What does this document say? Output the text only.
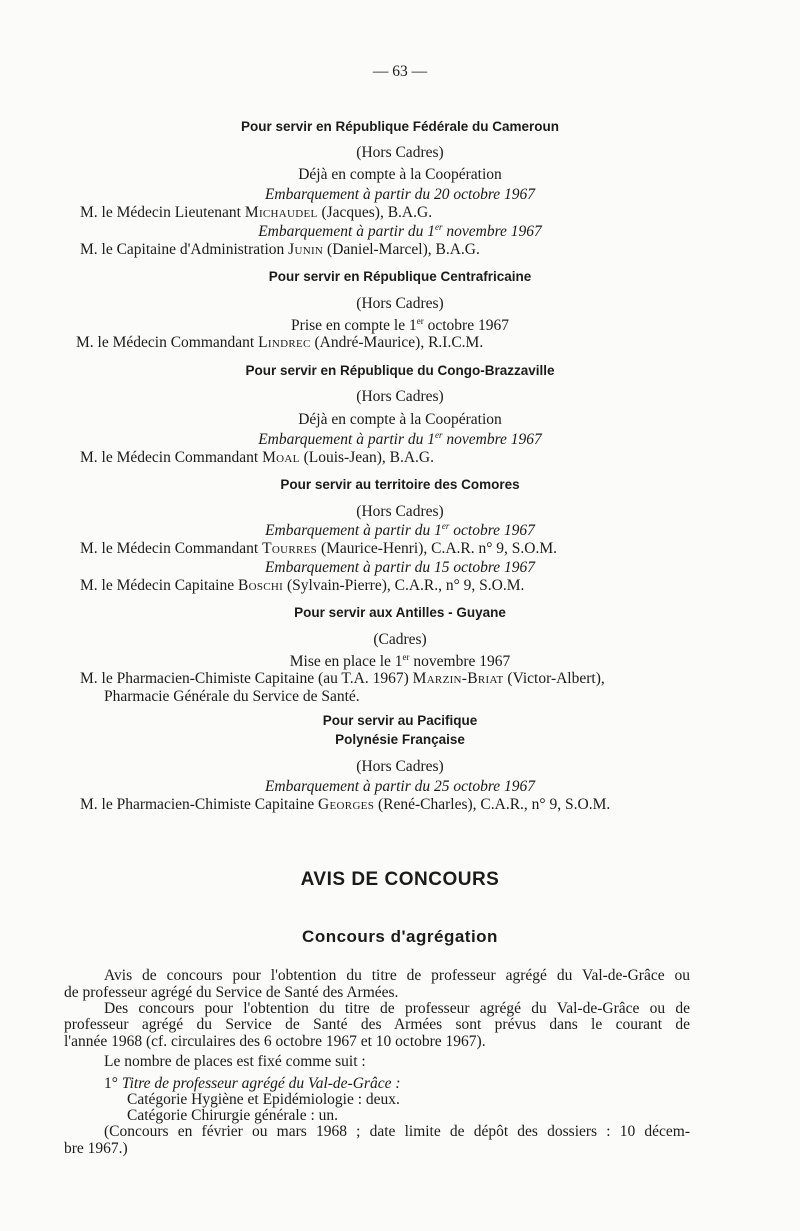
— 63 —
Pour servir en République Fédérale du Cameroun
(Hors Cadres)
Déjà en compte à la Coopération
Embarquement à partir du 20 octobre 1967
M. le Médecin Lieutenant Michaudel (Jacques), B.A.G.
Embarquement à partir du 1er novembre 1967
M. le Capitaine d'Administration Junin (Daniel-Marcel), B.A.G.
Pour servir en République Centrafricaine
(Hors Cadres)
Prise en compte le 1er octobre 1967
M. le Médecin Commandant Lindrec (André-Maurice), R.I.C.M.
Pour servir en République du Congo-Brazzaville
(Hors Cadres)
Déjà en compte à la Coopération
Embarquement à partir du 1er novembre 1967
M. le Médecin Commandant Moal (Louis-Jean), B.A.G.
Pour servir au territoire des Comores
(Hors Cadres)
Embarquement à partir du 1er octobre 1967
M. le Médecin Commandant Tourres (Maurice-Henri), C.A.R. n° 9, S.O.M.
Embarquement à partir du 15 octobre 1967
M. le Médecin Capitaine Boschi (Sylvain-Pierre), C.A.R., n° 9, S.O.M.
Pour servir aux Antilles - Guyane
(Cadres)
Mise en place le 1er novembre 1967
M. le Pharmacien-Chimiste Capitaine (au T.A. 1967) Marzin-Briat (Victor-Albert),
Pharmacie Générale du Service de Santé.
Pour servir au Pacifique
Polynésie Française
(Hors Cadres)
Embarquement à partir du 25 octobre 1967
M. le Pharmacien-Chimiste Capitaine Georges (René-Charles), C.A.R., n° 9, S.O.M.
AVIS DE CONCOURS
Concours d'agrégation
Avis de concours pour l'obtention du titre de professeur agrégé du Val-de-Grâce ou
de professeur agrégé du Service de Santé des Armées.
Des concours pour l'obtention du titre de professeur agrégé du Val-de-Grâce ou de
professeur agrégé du Service de Santé des Armées sont prévus dans le courant de
l'année 1968 (cf. circulaires des 6 octobre 1967 et 10 octobre 1967).
Le nombre de places est fixé comme suit :
1° Titre de professeur agrégé du Val-de-Grâce :
Catégorie Hygiène et Epidémiologie : deux.
Catégorie Chirurgie générale : un.
(Concours en février ou mars 1968 ; date limite de dépôt des dossiers : 10 décem-
bre 1967.)
